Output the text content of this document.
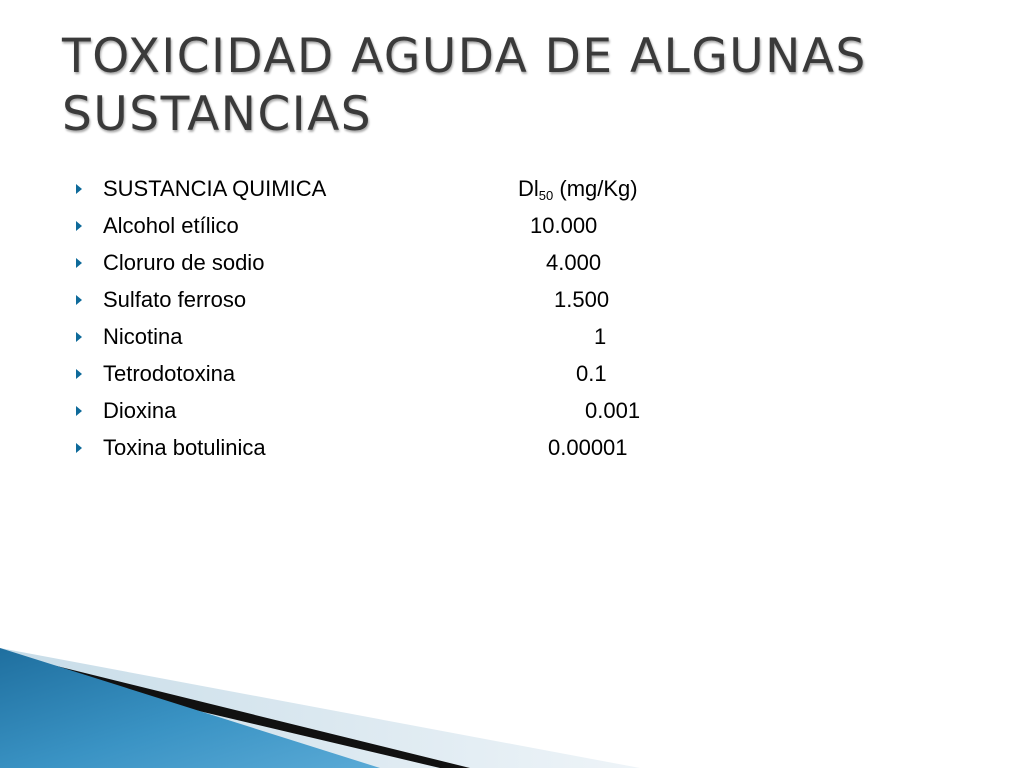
TOXICIDAD AGUDA DE ALGUNAS SUSTANCIAS
SUSTANCIA QUIMICA	$Dl_{50}$ (mg/Kg)
Alcohol etílico	10.000
Cloruro de sodio	4.000
Sulfato ferroso	1.500
Nicotina	1
Tetrodotoxina	0.1
Dioxina	0.001
Toxina botulinica	0.00001
